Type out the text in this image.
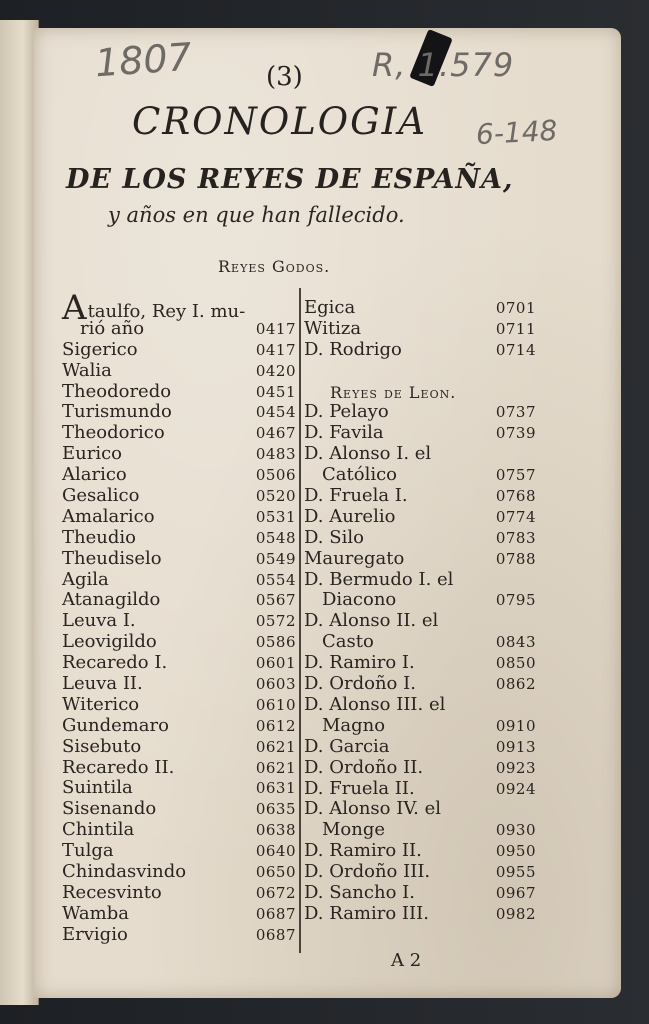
1807	R, 1.579
6-148
(3)
CRONOLOGIA
DE LOS REYES DE ESPAÑA,
y años en que han fallecido.
Reyes Godos.
Ataulfo, Rey I. mu-
rió año	0417
Sigerico	0417
Walia	0420
Theodoredo	0451
Turismundo	0454
Theodorico	0467
Eurico	0483
Alarico	0506
Gesalico	0520
Amalarico	0531
Theudio	0548
Theudiselo	0549
Agila	0554
Atanagildo	0567
Leuva I.	0572
Leovigildo	0586
Recaredo I.	0601
Leuva II.	0603
Witerico	0610
Gundemaro	0612
Sisebuto	0621
Recaredo II.	0621
Suintila	0631
Sisenando	0635
Chintila	0638
Tulga	0640
Chindasvindo	0650
Recesvinto	0672
Wamba	0687
Ervigio	0687
Egica	0701
Witiza	0711
D. Rodrigo	0714
D. Pelayo	0737
D. Favila	0739
D. Alonso I. el
Católico	0757
D. Fruela I.	0768
D. Aurelio	0774
D. Silo	0783
Mauregato	0788
D. Bermudo I. el
Diacono	0795
D. Alonso II. el
Casto	0843
D. Ramiro I.	0850
D. Ordoño I.	0862
D. Alonso III. el
Magno	0910
D. Garcia	0913
D. Ordoño II.	0923
D. Fruela II.	0924
D. Alonso IV. el
Monge	0930
D. Ramiro II.	0950
D. Ordoño III.	0955
D. Sancho I.	0967
D. Ramiro III.	0982
Reyes de Leon.
A 2
